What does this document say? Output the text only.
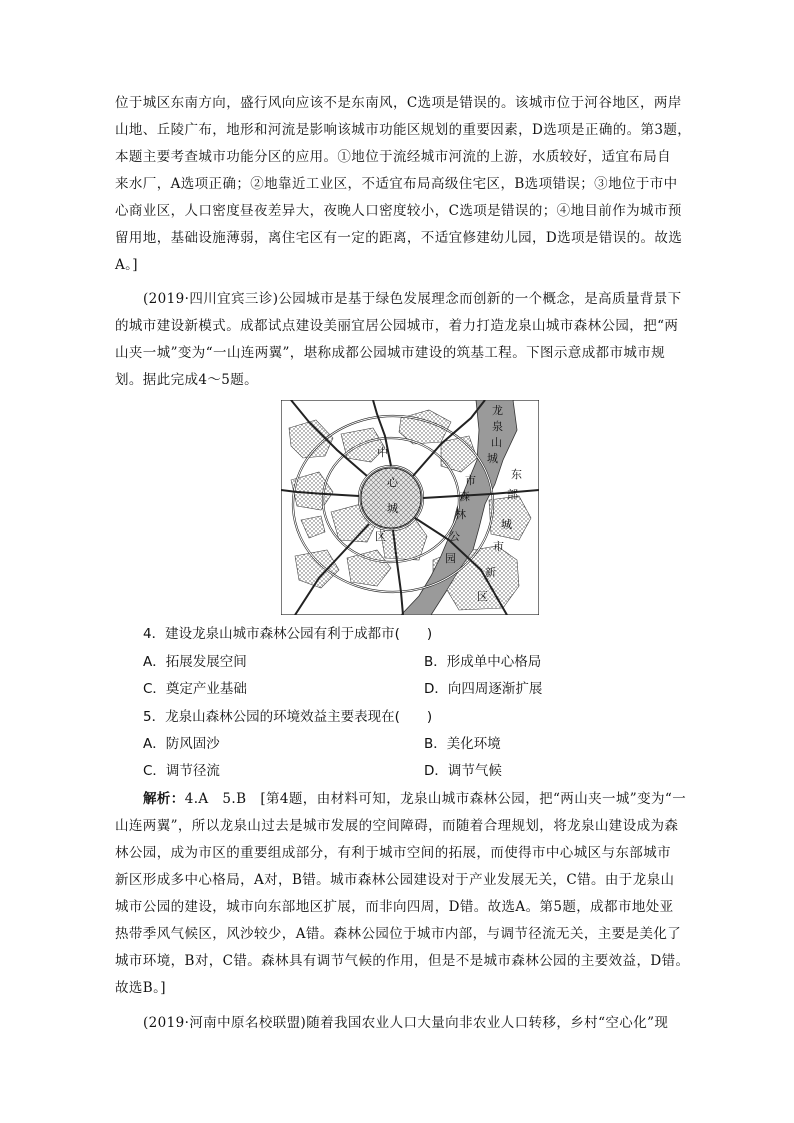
位于城区东南方向，盛行风向应该不是东南风，C选项是错误的。该城市位于河谷地区，两岸
山地、丘陵广布，地形和河流是影响该城市功能区规划的重要因素，D选项是正确的。第3题，
本题主要考查城市功能分区的应用。①地位于流经城市河流的上游，水质较好，适宜布局自
来水厂，A选项正确；②地靠近工业区，不适宜布局高级住宅区，B选项错误；③地位于市中
心商业区，人口密度昼夜差异大，夜晚人口密度较小，C选项是错误的；④地目前作为城市预
留用地，基础设施薄弱，离住宅区有一定的距离，不适宜修建幼儿园，D选项是错误的。故选
A。]
(2019·四川宜宾三诊)公园城市是基于绿色发展理念而创新的一个概念，是高质量背景下
的城市建设新模式。成都试点建设美丽宜居公园城市，着力打造龙泉山城市森林公园，把“两
山夹一城”变为“一山连两翼”，堪称成都公园城市建设的筑基工程。下图示意成都市城市规
划。据此完成4～5题。
龙
泉
山
城
市
森
林
公
园
中
心
城
区
东
部
城
市
新
区
4．建设龙泉山城市森林公园有利于成都市(　　)
A．拓展发展空间	B．形成单中心格局
C．奠定产业基础	D．向四周逐渐扩展
5．龙泉山森林公园的环境效益主要表现在(　　)
A．防风固沙	B．美化环境
C．调节径流	D．调节气候
解析：4.A　5.B　[第4题，由材料可知，龙泉山城市森林公园，把“两山夹一城”变为“一
山连两翼”，所以龙泉山过去是城市发展的空间障碍，而随着合理规划，将龙泉山建设成为森
林公园，成为市区的重要组成部分，有利于城市空间的拓展，而使得市中心城区与东部城市
新区形成多中心格局，A对，B错。城市森林公园建设对于产业发展无关，C错。由于龙泉山
城市公园的建设，城市向东部地区扩展，而非向四周，D错。故选A。第5题，成都市地处亚
热带季风气候区，风沙较少，A错。森林公园位于城市内部，与调节径流无关，主要是美化了
城市环境，B对，C错。森林具有调节气候的作用，但是不是城市森林公园的主要效益，D错。
故选B。]
(2019·河南中原名校联盟)随着我国农业人口大量向非农业人口转移，乡村“空心化”现
